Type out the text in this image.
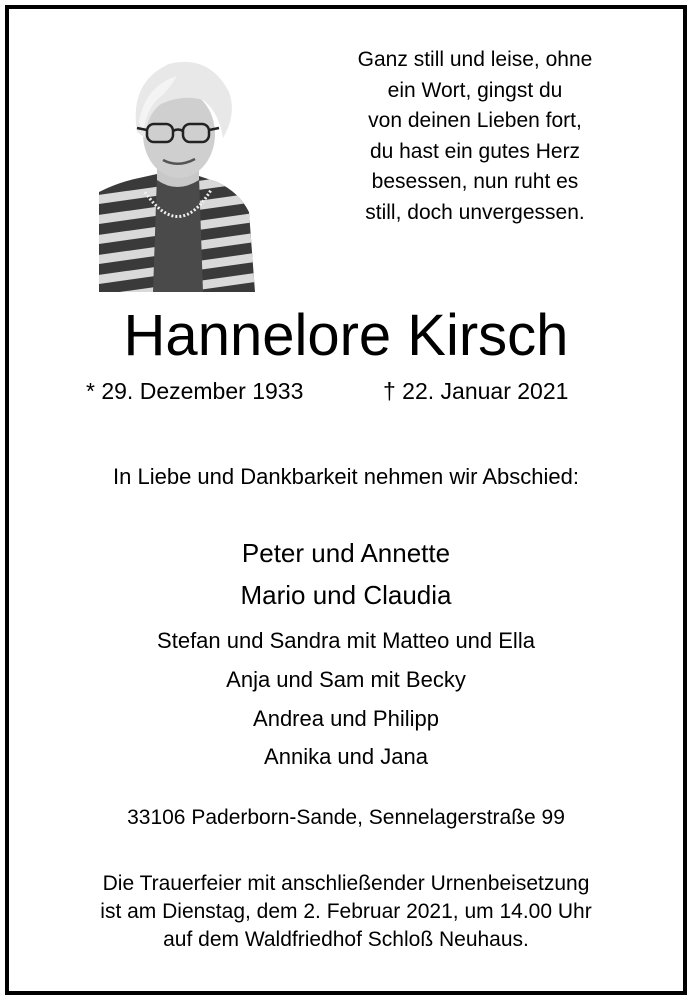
Ganz still und leise, ohne
ein Wort, gingst du
von deinen Lieben fort,
du hast ein gutes Herz
besessen, nun ruht es
still, doch unvergessen.
Hannelore Kirsch
* 29. Dezember 1933	† 22. Januar 2021
In Liebe und Dankbarkeit nehmen wir Abschied:
Peter und Annette
Mario und Claudia
Stefan und Sandra mit Matteo und Ella
Anja und Sam mit Becky
Andrea und Philipp
Annika und Jana
33106 Paderborn-Sande, Sennelagerstraße 99
Die Trauerfeier mit anschließender Urnenbeisetzung
ist am Dienstag, dem 2. Februar 2021, um 14.00 Uhr
auf dem Waldfriedhof Schloß Neuhaus.
